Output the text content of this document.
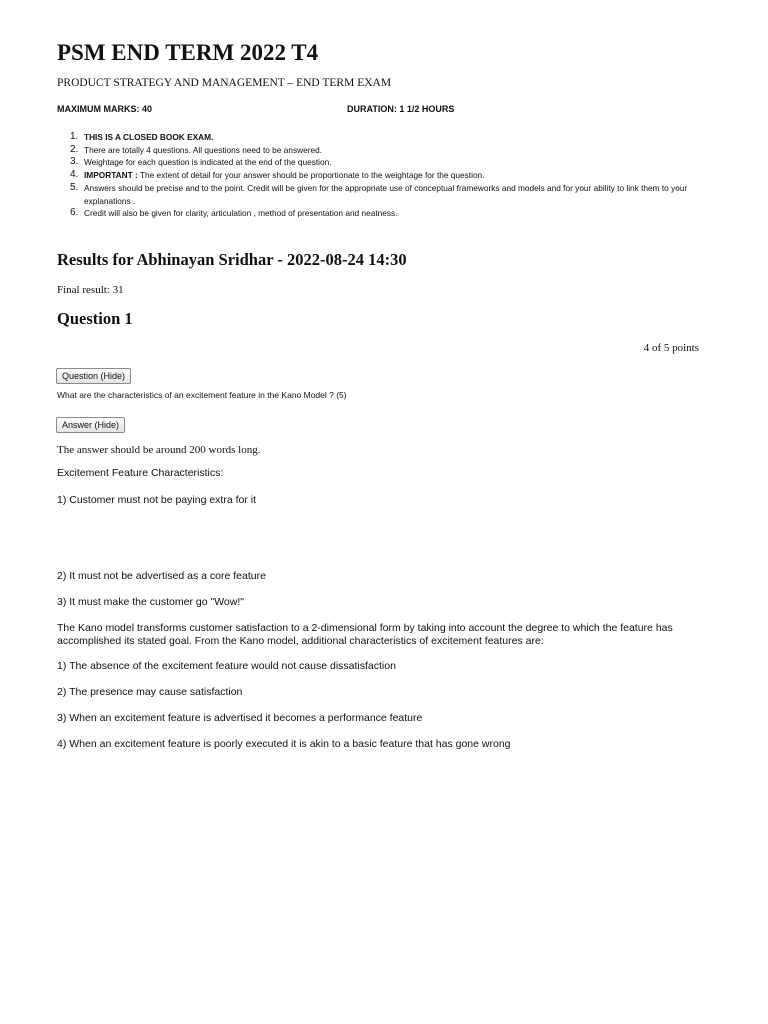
PSM END TERM 2022 T4
PRODUCT STRATEGY AND MANAGEMENT – END TERM EXAM
MAXIMUM MARKS: 40	DURATION: 1 1/2 HOURS
1. THIS IS A CLOSED BOOK EXAM.
2. There are totally 4 questions. All questions need to be answered.
3. Weightage for each question is indicated at the end of the question.
4. IMPORTANT : The extent of detail for your answer should be proportionate to the weightage for the question.
5. Answers should be precise and to the point. Credit will be given for the appropriate use of conceptual frameworks and models and for your ability to link them to your explanations .
6. Credit will also be given for clarity, articulation , method of presentation and neatness.
Results for Abhinayan Sridhar - 2022-08-24 14:30
Final result: 31
Question 1
4 of 5 points
Question (Hide)
What are the characteristics of an excitement feature in the Kano Model ? (5)
Answer (Hide)
The answer should be around 200 words long.

Excitement Feature Characteristics:

1) Customer must not be paying extra for it

2) It must not be advertised as a core feature

3) It must make the customer go "Wow!"

The Kano model transforms customer satisfaction to a 2-dimensional form by taking into account the degree to which the feature has accomplished its stated goal. From the Kano model, additional characteristics of excitement features are:

1) The absence of the excitement feature would not cause dissatisfaction

2) The presence may cause satisfaction

3) When an excitement feature is advertised it becomes a performance feature

4) When an excitement feature is poorly executed it is akin to a basic feature that has gone wrong
